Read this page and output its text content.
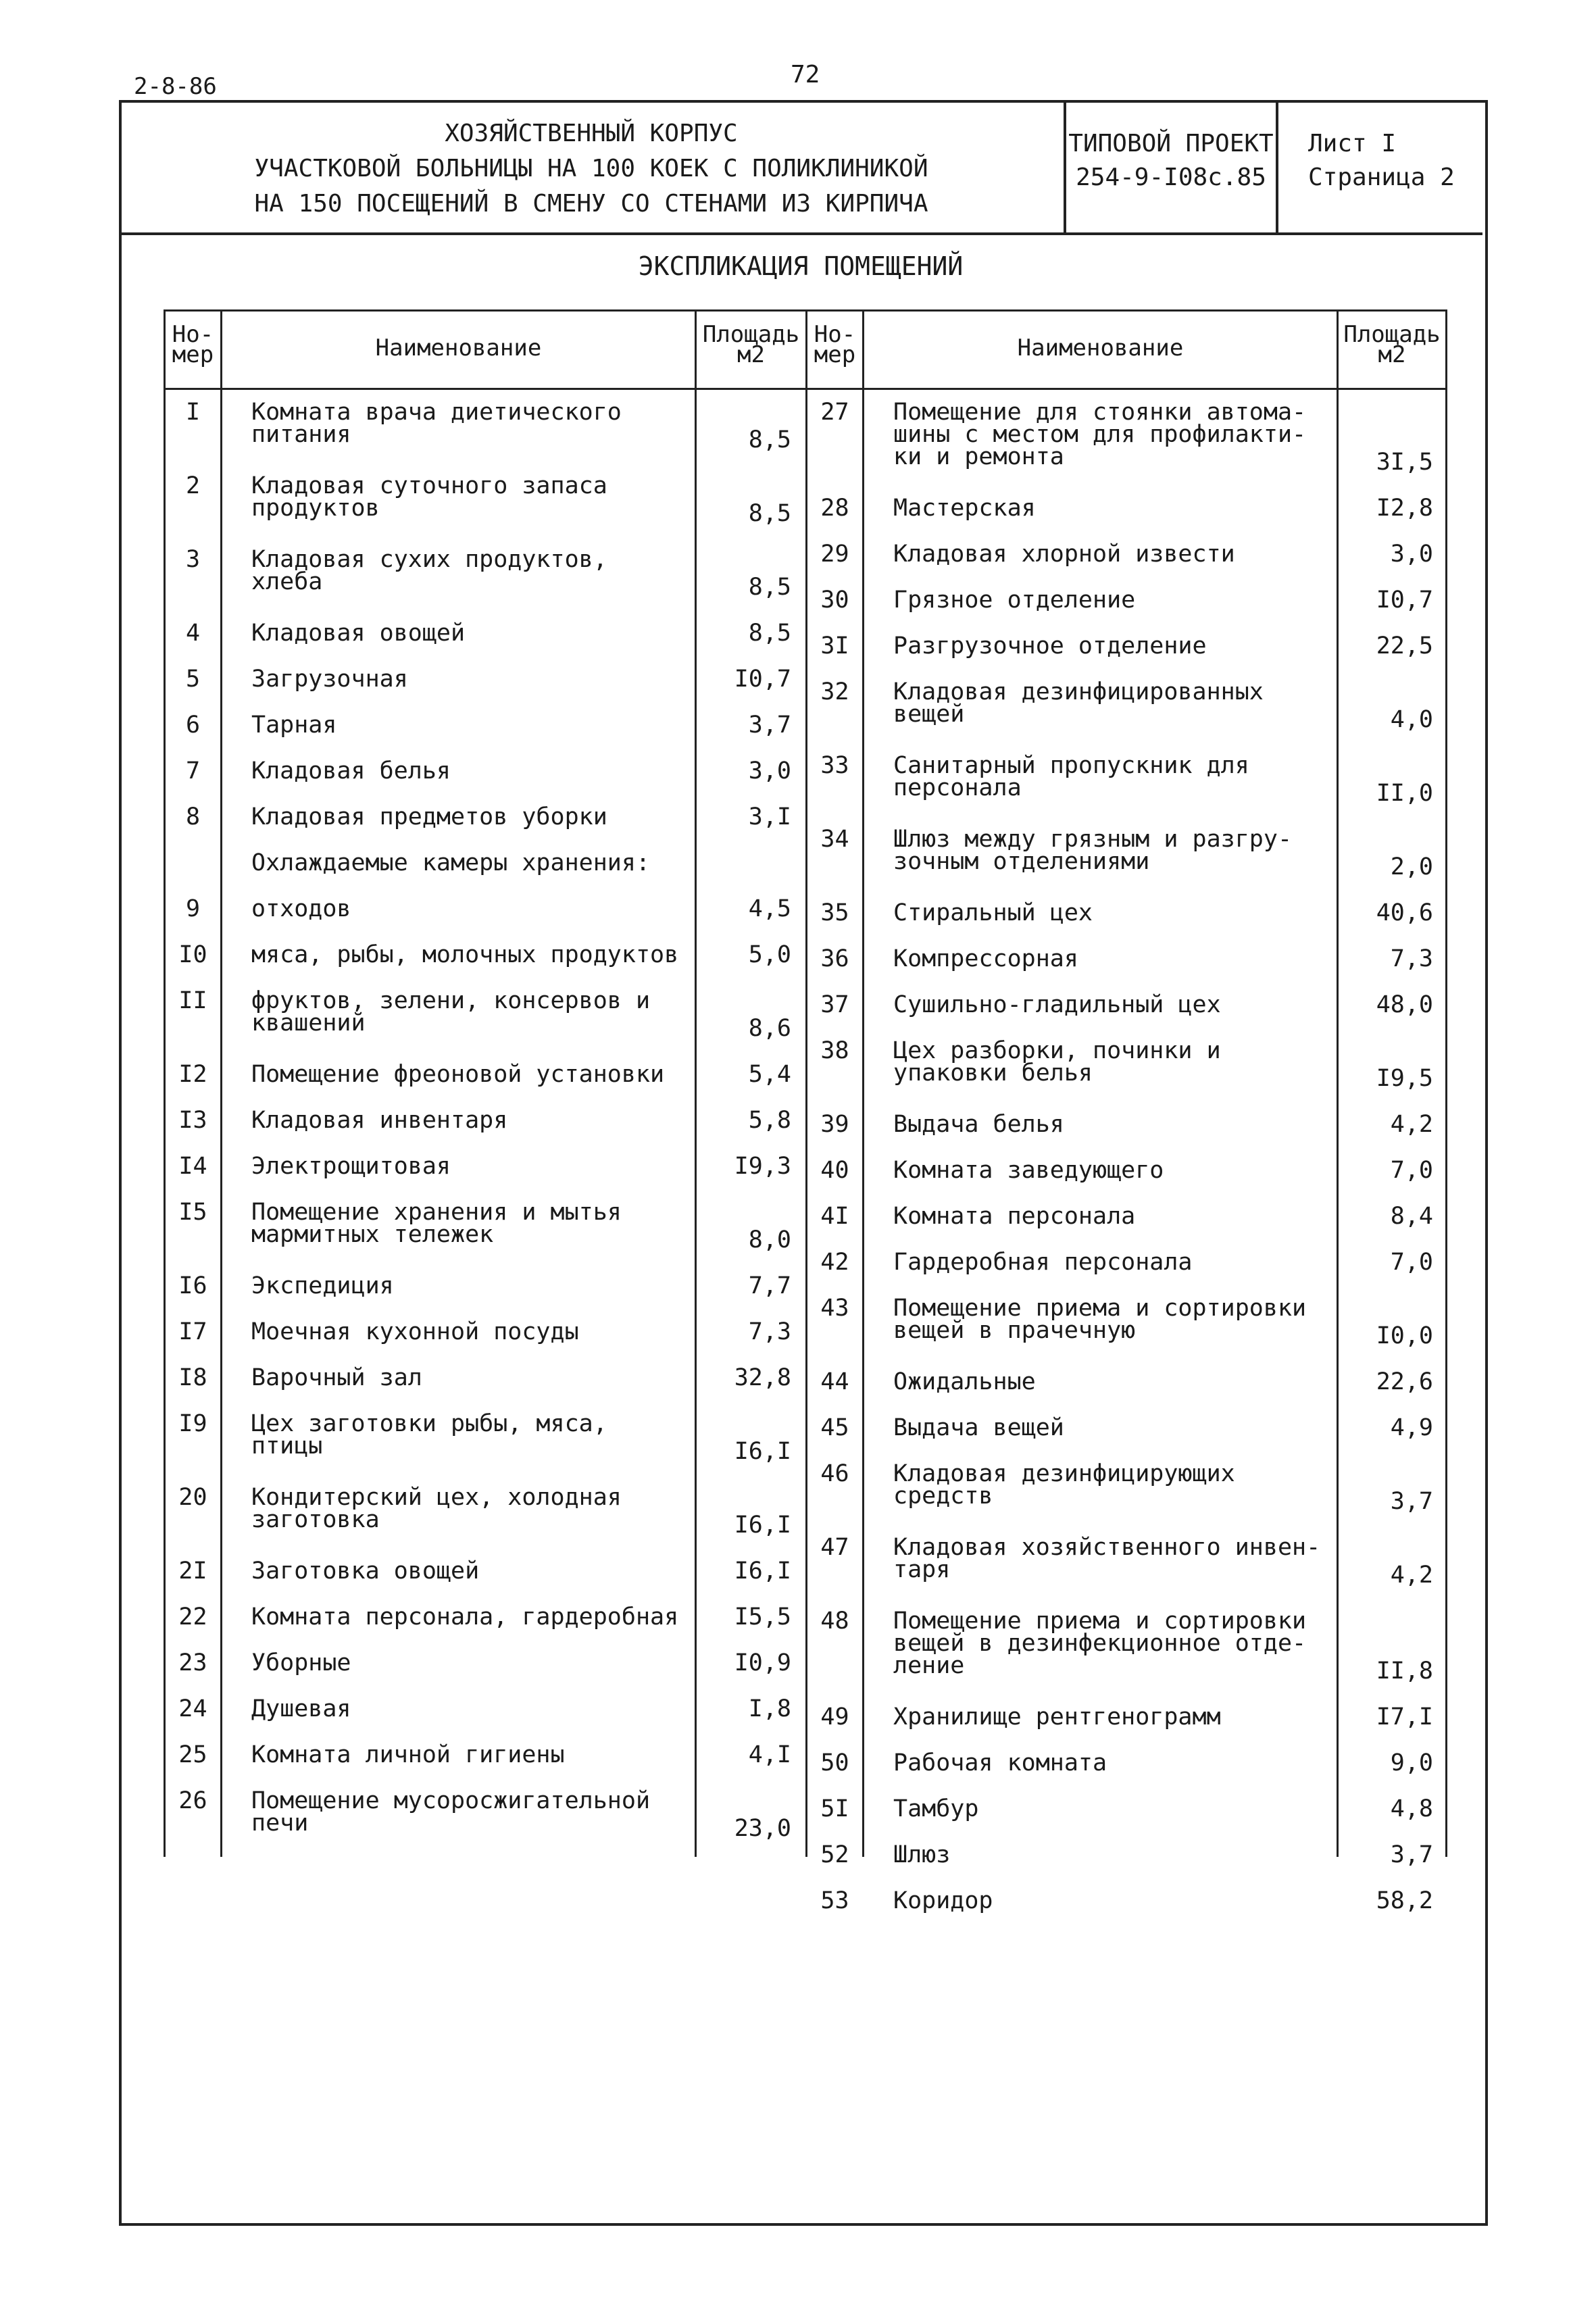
2-8-86	72
ХОЗЯЙСТВЕННЫЙ КОРПУС
УЧАСТКОВОЙ БОЛЬНИЦЫ НА 100 КОЕК С ПОЛИКЛИНИКОЙ
НА 150 ПОСЕЩЕНИЙ В СМЕНУ СО СТЕНАМИ ИЗ КИРПИЧА
ТИПОВОЙ ПРОЕКТ
254-9-I08с.85
Лист I
Страница 2
ЭКСПЛИКАЦИЯ ПОМЕЩЕНИЙ
Но-
мер	Наименование	Площадь
м2
Но-
мер	Наименование	Площадь
м2
I	Комната врача диетического
питания	8,5
2	Кладовая суточного запаса
продуктов	8,5
3	Кладовая сухих продуктов,
хлеба	8,5
4	Кладовая овощей	8,5
5	Загрузочная	I0,7
6	Тарная	3,7
7	Кладовая белья	3,0
8	Кладовая предметов уборки	3,I
Охлаждаемые камеры хранения:
9	отходов	4,5
I0	мяса, рыбы, молочных продуктов	5,0
II	фруктов, зелени, консервов и
квашений	8,6
I2	Помещение фреоновой установки	5,4
I3	Кладовая инвентаря	5,8
I4	Электрощитовая	I9,3
I5	Помещение хранения и мытья
мармитных тележек	8,0
I6	Экспедиция	7,7
I7	Моечная кухонной посуды	7,3
I8	Варочный зал	32,8
I9	Цех заготовки рыбы, мяса,
птицы	I6,I
20	Кондитерский цех, холодная
заготовка	I6,I
2I	Заготовка овощей	I6,I
22	Комната персонала, гардеробная	I5,5
23	Уборные	I0,9
24	Душевая	I,8
25	Комната личной гигиены	4,I
26	Помещение мусоросжигательной
печи	23,0
27	Помещение для стоянки автома-
шины с местом для профилакти-
ки и ремонта	3I,5
28	Мастерская	I2,8
29	Кладовая хлорной извести	3,0
30	Грязное отделение	I0,7
3I	Разгрузочное отделение	22,5
32	Кладовая дезинфицированных
вещей	4,0
33	Санитарный пропускник для
персонала	II,0
34	Шлюз между грязным и разгру-
зочным отделениями	2,0
35	Стиральный цех	40,6
36	Компрессорная	7,3
37	Сушильно-гладильный цех	48,0
38	Цех разборки, починки и
упаковки белья	I9,5
39	Выдача белья	4,2
40	Комната заведующего	7,0
4I	Комната персонала	8,4
42	Гардеробная персонала	7,0
43	Помещение приема и сортировки
вещей в прачечную	I0,0
44	Ожидальные	22,6
45	Выдача вещей	4,9
46	Кладовая дезинфицирующих
средств	3,7
47	Кладовая хозяйственного инвен-
таря	4,2
48	Помещение приема и сортировки
вещей в дезинфекционное отде-
ление	II,8
49	Хранилище рентгенограмм	I7,I
50	Рабочая комната	9,0
5I	Тамбур	4,8
52	Шлюз	3,7
53	Коридор	58,2
